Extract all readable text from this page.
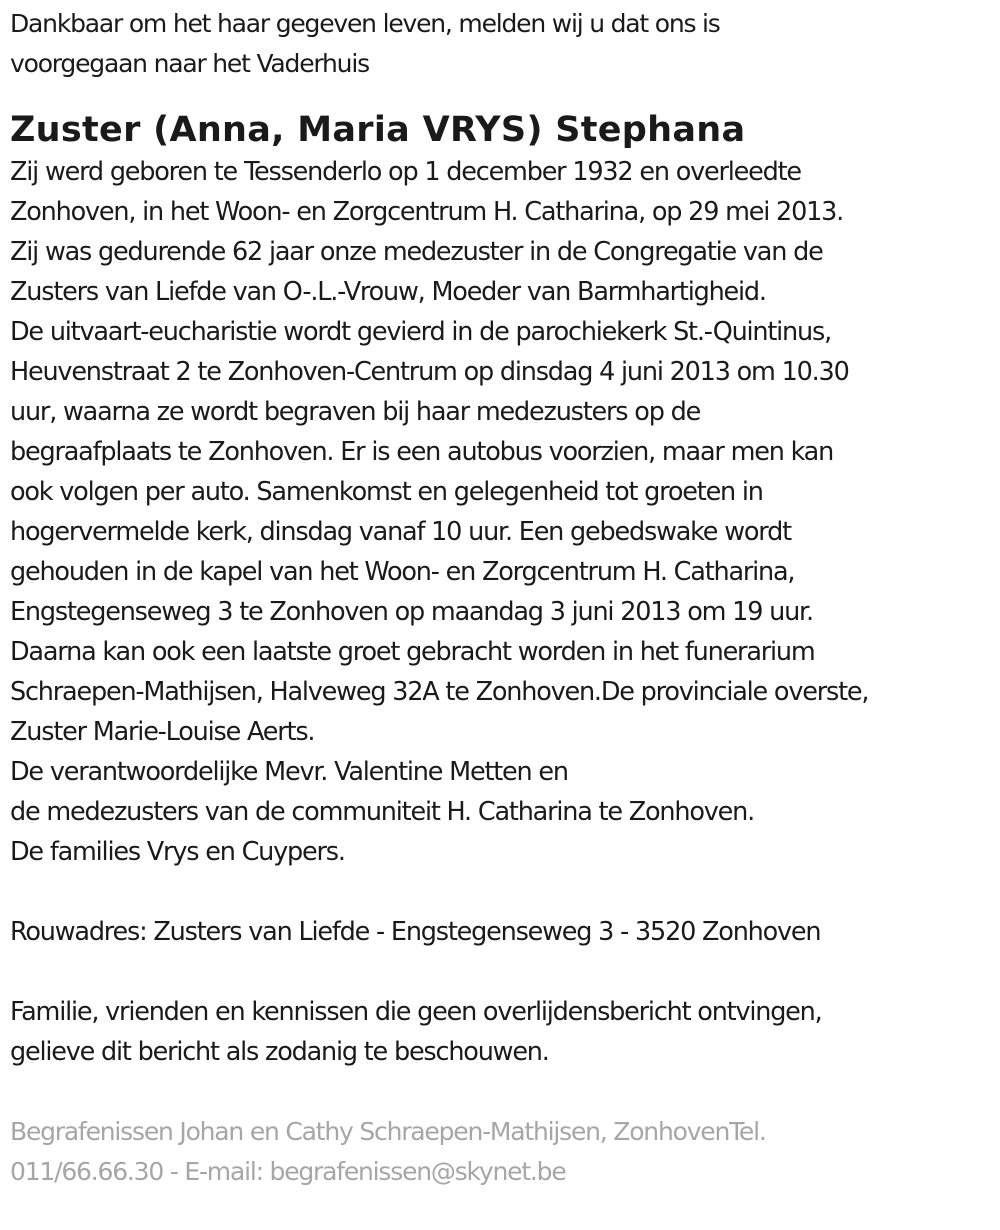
Dankbaar om het haar gegeven leven, melden wij u dat ons is
voorgegaan naar het Vaderhuis

Zuster (Anna, Maria VRYS) Stephana

Zij werd geboren te Tessenderlo op 1 december 1932 en overleedte
Zonhoven, in het Woon- en Zorgcentrum H. Catharina, op 29 mei 2013.
Zij was gedurende 62 jaar onze medezuster in de Congregatie van de
Zusters van Liefde van O-.L.-Vrouw, Moeder van Barmhartigheid.
De uitvaart-eucharistie wordt gevierd in de parochiekerk St.-Quintinus,
Heuvenstraat 2 te Zonhoven-Centrum op dinsdag 4 juni 2013 om 10.30
uur, waarna ze wordt begraven bij haar medezusters op de
begraafplaats te Zonhoven. Er is een autobus voorzien, maar men kan
ook volgen per auto. Samenkomst en gelegenheid tot groeten in
hogervermelde kerk, dinsdag vanaf 10 uur. Een gebedswake wordt
gehouden in de kapel van het Woon- en Zorgcentrum H. Catharina,
Engstegenseweg 3 te Zonhoven op maandag 3 juni 2013 om 19 uur.
Daarna kan ook een laatste groet gebracht worden in het funerarium
Schraepen-Mathijsen, Halveweg 32A te Zonhoven.De provinciale overste,
Zuster Marie-Louise Aerts.
De verantwoordelijke Mevr. Valentine Metten en
de medezusters van de communiteit H. Catharina te Zonhoven.
De families Vrys en Cuypers.
Rouwadres: Zusters van Liefde - Engstegenseweg 3 - 3520 Zonhoven
Familie, vrienden en kennissen die geen overlijdensbericht ontvingen,
gelieve dit bericht als zodanig te beschouwen.

Begrafenissen Johan en Cathy Schraepen-Mathijsen, ZonhovenTel.
011/66.66.30 - E-mail: begrafenissen@skynet.be
